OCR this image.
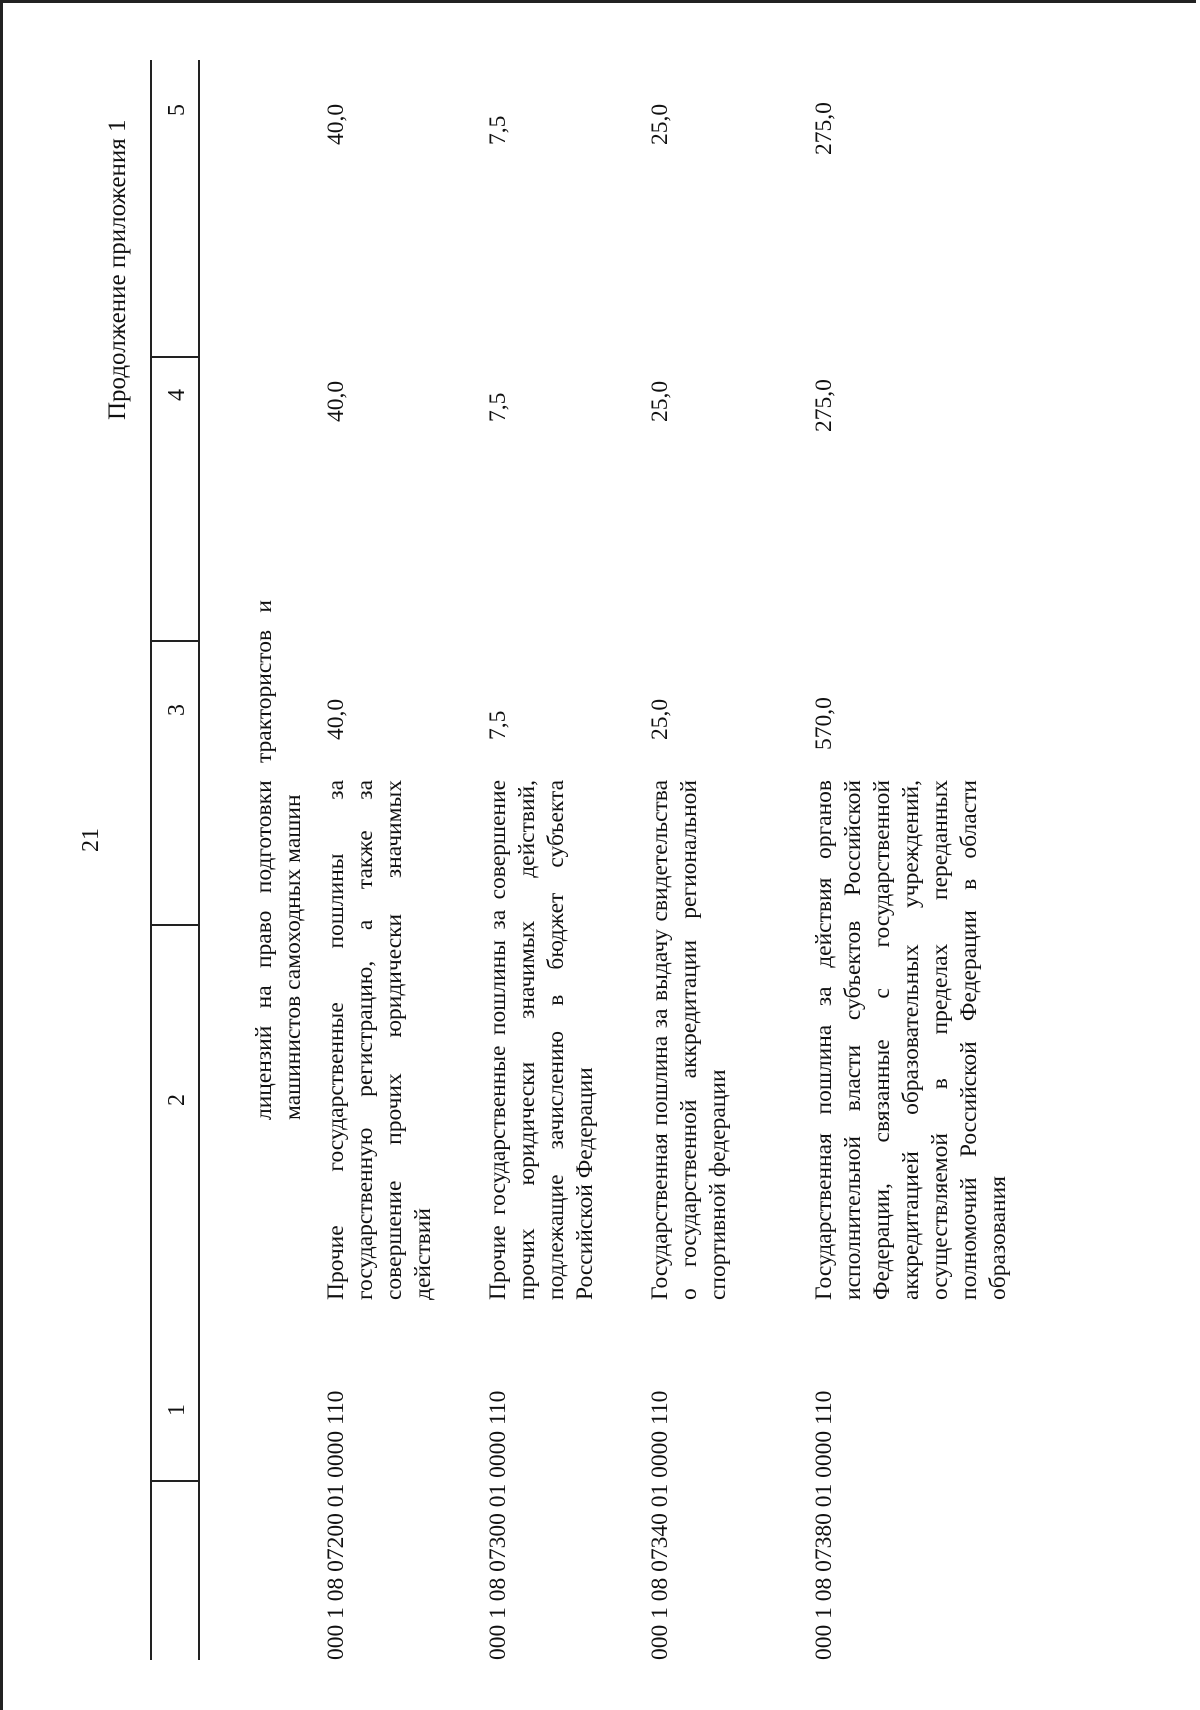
21
Продолжение приложения 1
1
2
3
4
5
лицензий на право подготовки трактористов и машинистов самоходных машин
000 1 08 07200 01 0000 110
Прочие государственные пошлины за государственную регистрацию, а также за совершение прочих юридически значимых действий
40,0
40,0
40,0
000 1 08 07300 01 0000 110
Прочие государственные пошлины за совершение прочих юридически значимых действий, подлежащие зачислению в бюджет субъекта Российской Федерации
7,5
7,5
7,5
000 1 08 07340 01 0000 110
Государственная пошлина за выдачу свидетельства о государственной аккредитации региональной спортивной федерации
25,0
25,0
25,0
000 1 08 07380 01 0000 110
Государственная пошлина за действия органов исполнительной власти субъектов Российской Федерации, связанные с государственной аккредитацией образовательных учреждений, осуществляемой в пределах переданных полномочий Российской Федерации в области образования
570,0
275,0
275,0
